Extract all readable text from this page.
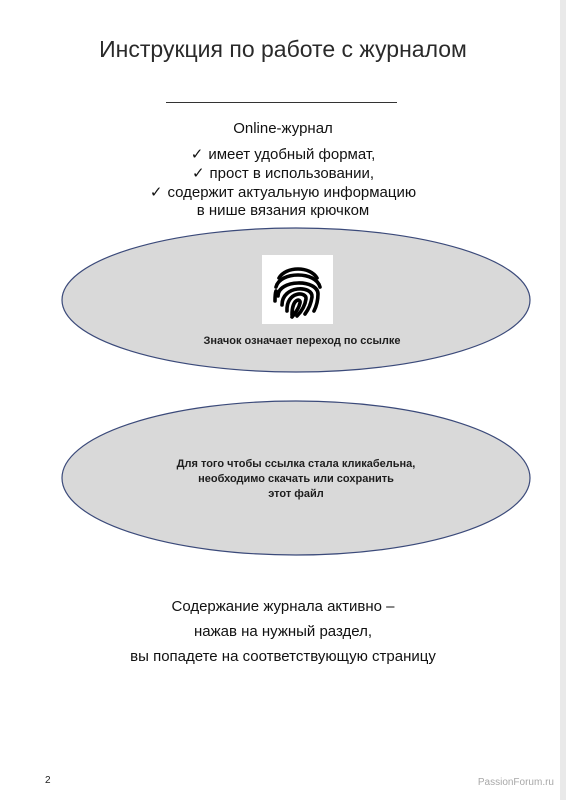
Инструкция по работе с журналом
Online-журнал
✓ имеет удобный формат,
✓ прост в использовании,
✓ содержит актуальную информацию
в нише вязания крючком
Значок означает переход по ссылке
Для того чтобы ссылка стала кликабельна,
необходимо скачать или сохранить
этот файл
Содержание журнала активно –
нажав на нужный раздел,
вы попадете на соответствующую страницу
2	PassionForum.ru
